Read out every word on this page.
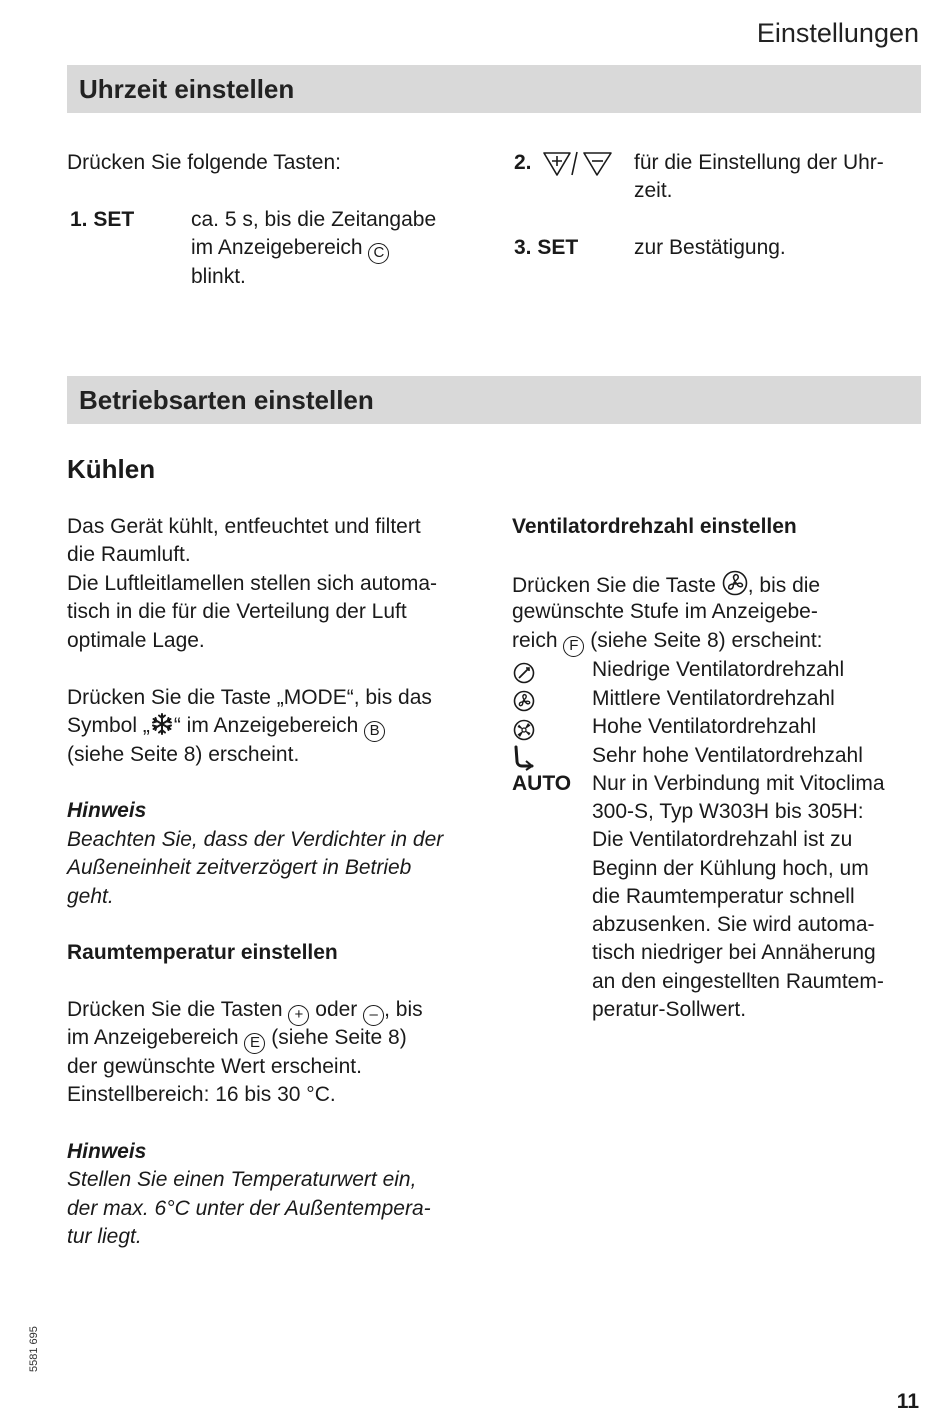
Einstellungen
Uhrzeit einstellen
Drücken Sie folgende Tasten:
1. SET	ca. 5 s, bis die Zeitangabe
im Anzeigebereich C
blinkt.
2.	für die Einstellung der Uhr-
zeit.
3. SET	zur Bestätigung.
Betriebsarten einstellen
Kühlen
Das Gerät kühlt, entfeuchtet und filtert
die Raumluft.
Die Luftleitlamellen stellen sich automa-
tisch in die für die Verteilung der Luft
optimale Lage.
Drücken Sie die Taste „MODE“, bis das
Symbol „ “ im Anzeigebereich B
(siehe Seite 8) erscheint.
Hinweis
Beachten Sie, dass der Verdichter in der
Außeneinheit zeitverzögert in Betrieb
geht.
Raumtemperatur einstellen
Drücken Sie die Tasten + oder – , bis
im Anzeigebereich E (siehe Seite 8)
der gewünschte Wert erscheint.
Einstellbereich: 16 bis 30 °C.
Hinweis
Stellen Sie einen Temperaturwert ein,
der max. 6°C unter der Außentempera-
tur liegt.
Ventilatordrehzahl einstellen
Drücken Sie die Taste , bis die
gewünschte Stufe im Anzeigebe-
reich F (siehe Seite 8) erscheint:
Niedrige Ventilatordrehzahl
Mittlere Ventilatordrehzahl
Hohe Ventilatordrehzahl
Sehr hohe Ventilatordrehzahl
AUTO Nur in Verbindung mit Vitoclima
300-S, Typ W303H bis 305H:
Die Ventilatordrehzahl ist zu
Beginn der Kühlung hoch, um
die Raumtemperatur schnell
abzusenken. Sie wird automa-
tisch niedriger bei Annäherung
an den eingestellten Raumtem-
peratur-Sollwert.
5581 695
11
